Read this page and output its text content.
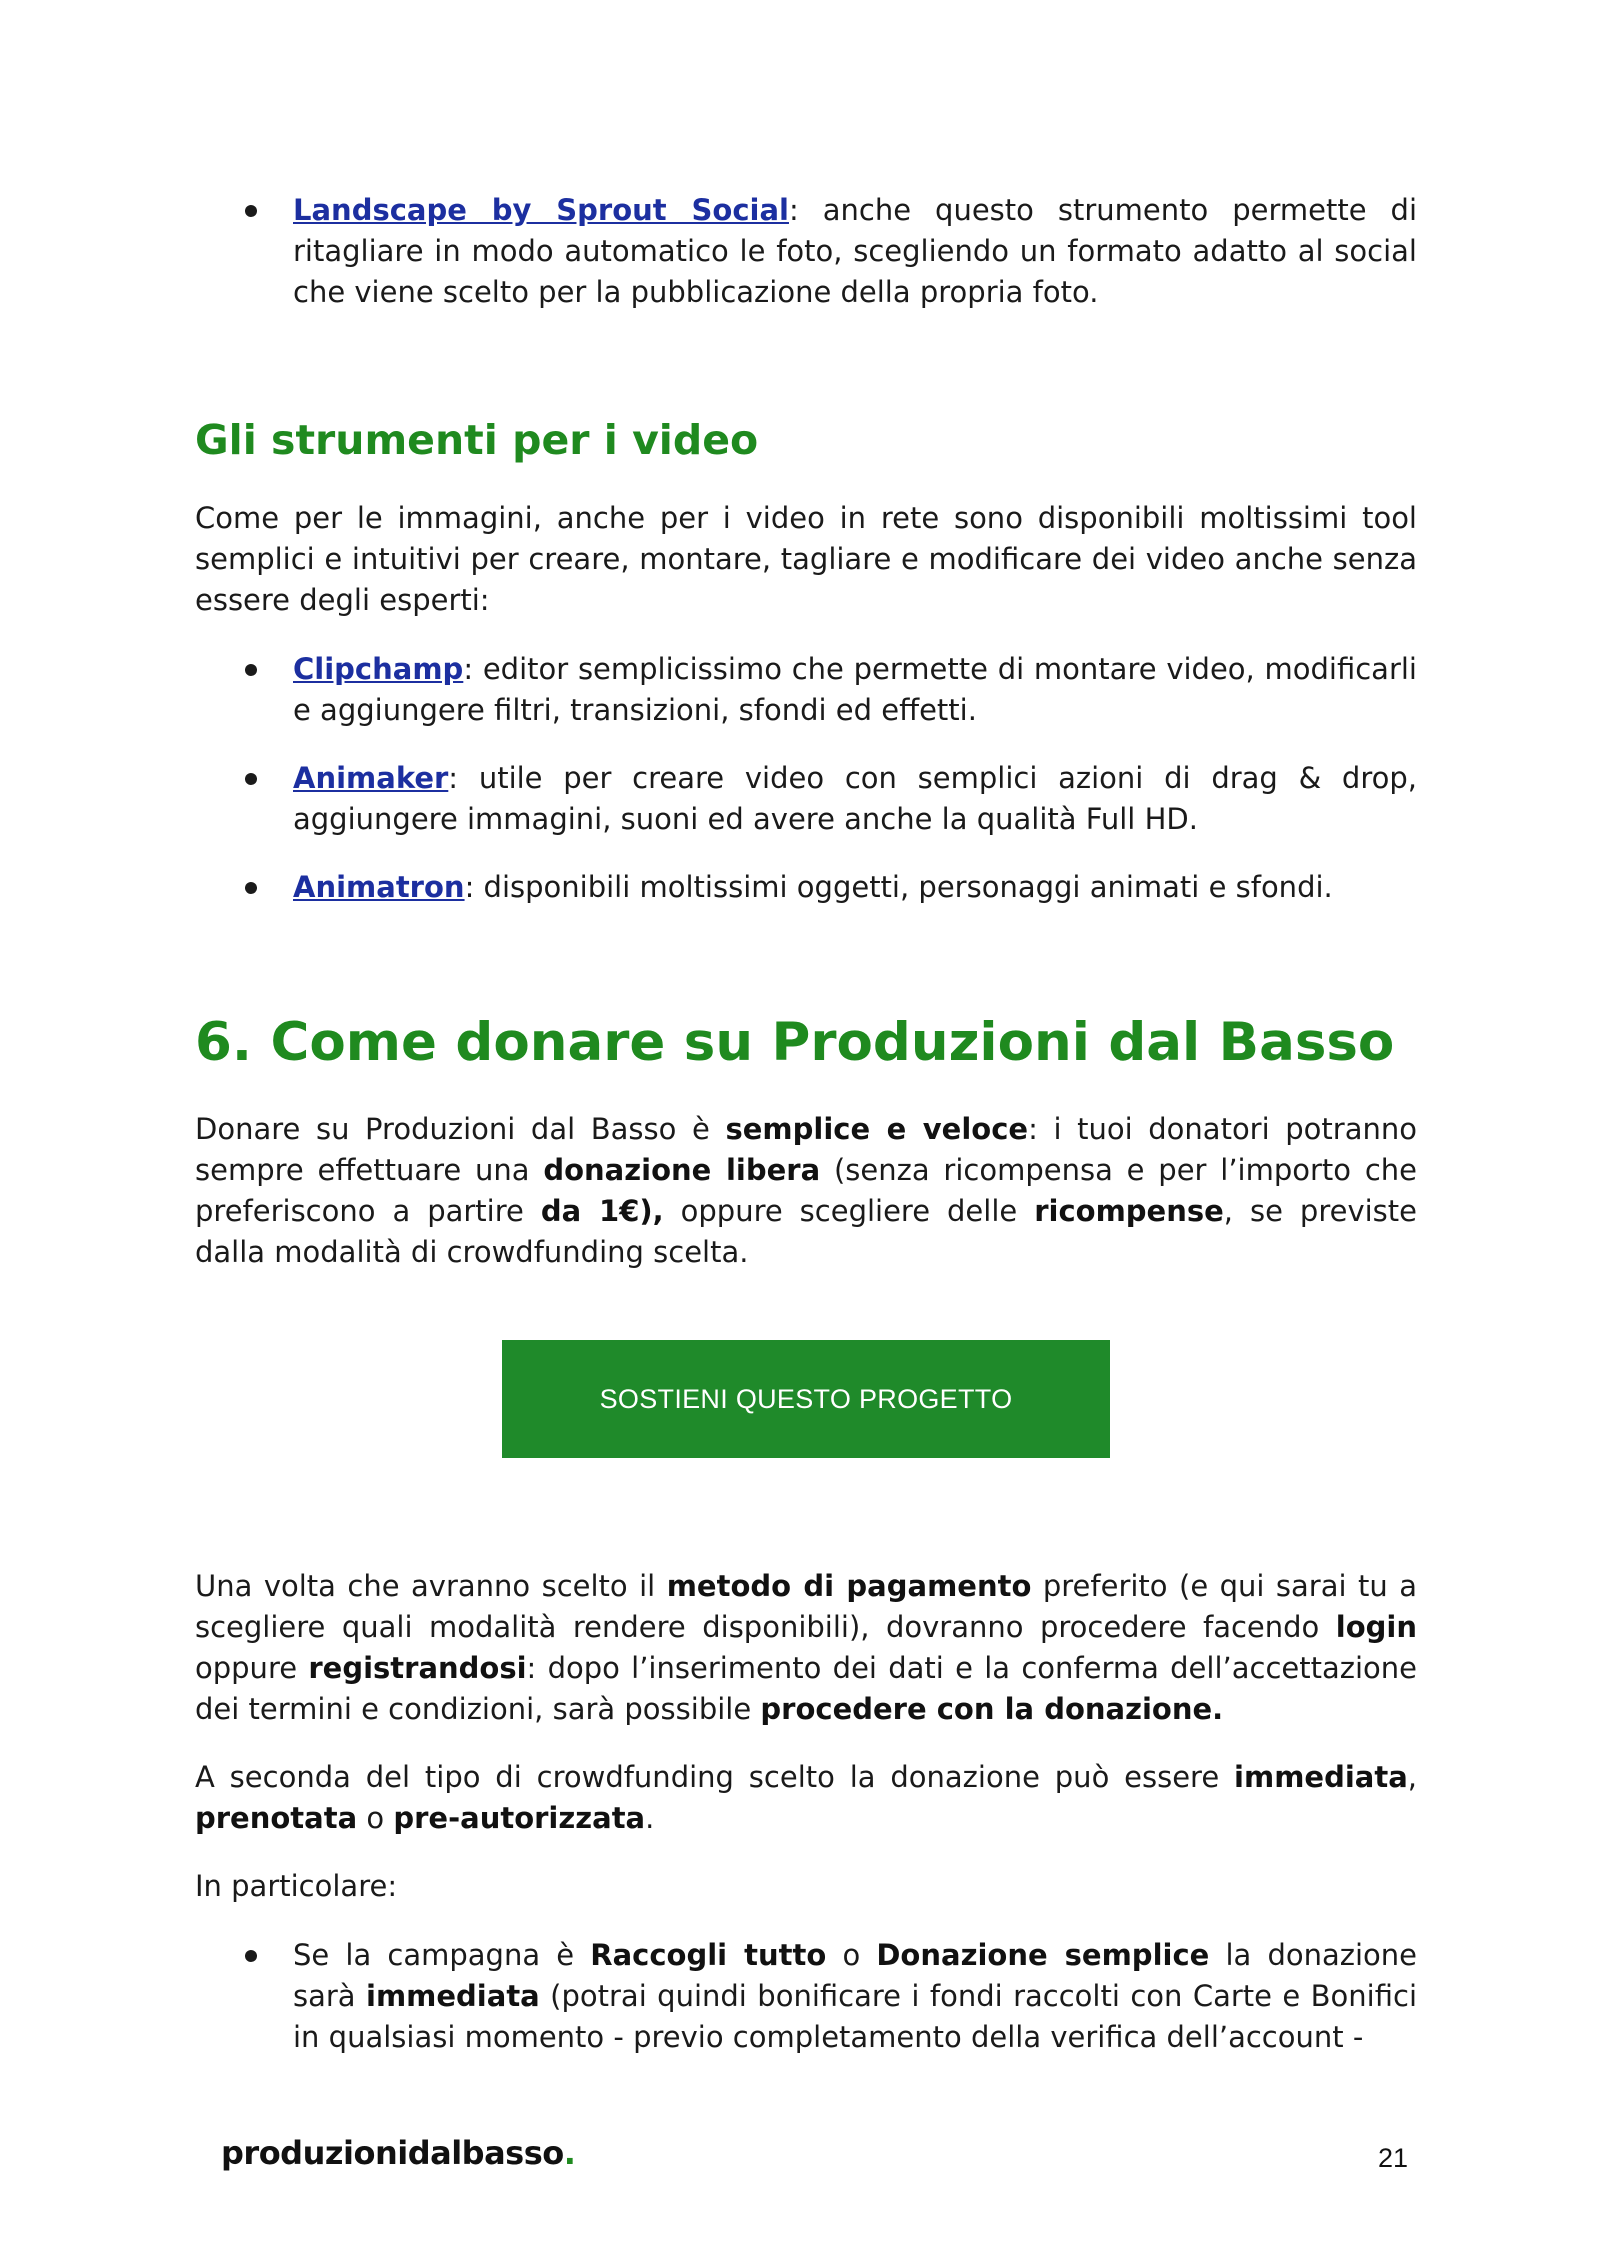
Landscape by Sprout Social: anche questo strumento permette di ritagliare in modo automatico le foto, scegliendo un formato adatto al social che viene scelto per la pubblicazione della propria foto.
Gli strumenti per i video

Come per le immagini, anche per i video in rete sono disponibili moltissimi tool semplici e intuitivi per creare, montare, tagliare e modificare dei video anche senza essere degli esperti:

Clipchamp: editor semplicissimo che permette di montare video, modificarli e aggiungere filtri, transizioni, sfondi ed effetti.
Animaker: utile per creare video con semplici azioni di drag & drop, aggiungere immagini, suoni ed avere anche la qualità Full HD.
Animatron: disponibili moltissimi oggetti, personaggi animati e sfondi.
6. Come donare su Produzioni dal Basso

Donare su Produzioni dal Basso è semplice e veloce: i tuoi donatori potranno sempre effettuare una donazione libera (senza ricompensa e per l’importo che preferiscono a partire da 1€), oppure scegliere delle ricompense, se previste dalla modalità di crowdfunding scelta.

SOSTIENI QUESTO PROGETTO

Una volta che avranno scelto il metodo di pagamento preferito (e qui sarai tu a scegliere quali modalità rendere disponibili), dovranno procedere facendo login oppure registrandosi: dopo l’inserimento dei dati e la conferma dell’accettazione dei termini e condizioni, sarà possibile procedere con la donazione.

A seconda del tipo di crowdfunding scelto la donazione può essere immediata, prenotata o pre-autorizzata.

In particolare:

Se la campagna è Raccogli tutto o Donazione semplice la donazione sarà immediata (potrai quindi bonificare i fondi raccolti con Carte e Bonifici in qualsiasi momento - previo completamento della verifica dell’account -
produzionidalbasso.	21
